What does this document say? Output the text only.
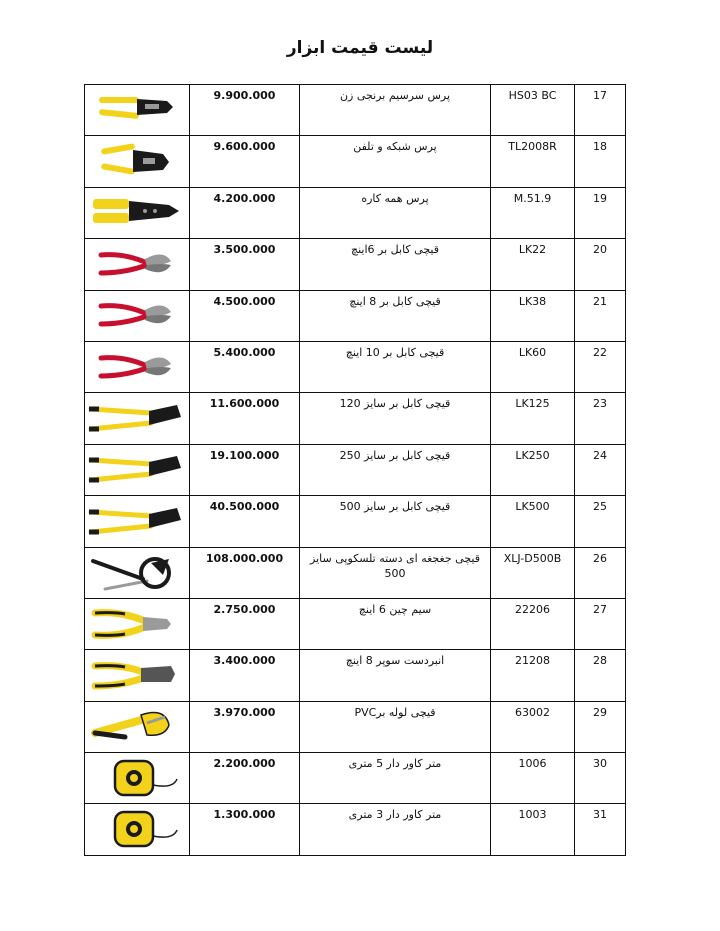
لیست قیمت ابزار
	9.900.000	پرس سرسیم برنجی زن	HS03 BC	17

	9.600.000	پرس شبکه و تلفن	TL2008R	18

	4.200.000	پرس همه کاره	M.51.9	19

	3.500.000	قیچی کابل بر 6اینچ	LK22	20

	4.500.000	قیچی کابل بر 8 اینچ	LK38	21

	5.400.000	قیچی کابل بر 10 اینچ	LK60	22

	11.600.000	قیچی کابل بر سایز 120	LK125	23

	19.100.000	قیچی کابل بر سایز 250	LK250	24

	40.500.000	قیچی کابل بر سایز 500	LK500	25

	108.000.000	قیچی جغجغه ای دسته تلسکوپی سایز 500	XLJ-D500B	26

	2.750.000	سیم چین 6 اینچ	22206	27

	3.400.000	انبردست سوپر 8 اینچ	21208	28

	3.970.000	قیچی لوله برPVC	63002	29

	2.200.000	متر کاور دار 5 متری	1006	30

	1.300.000	متر کاور دار 3 متری	1003	31
